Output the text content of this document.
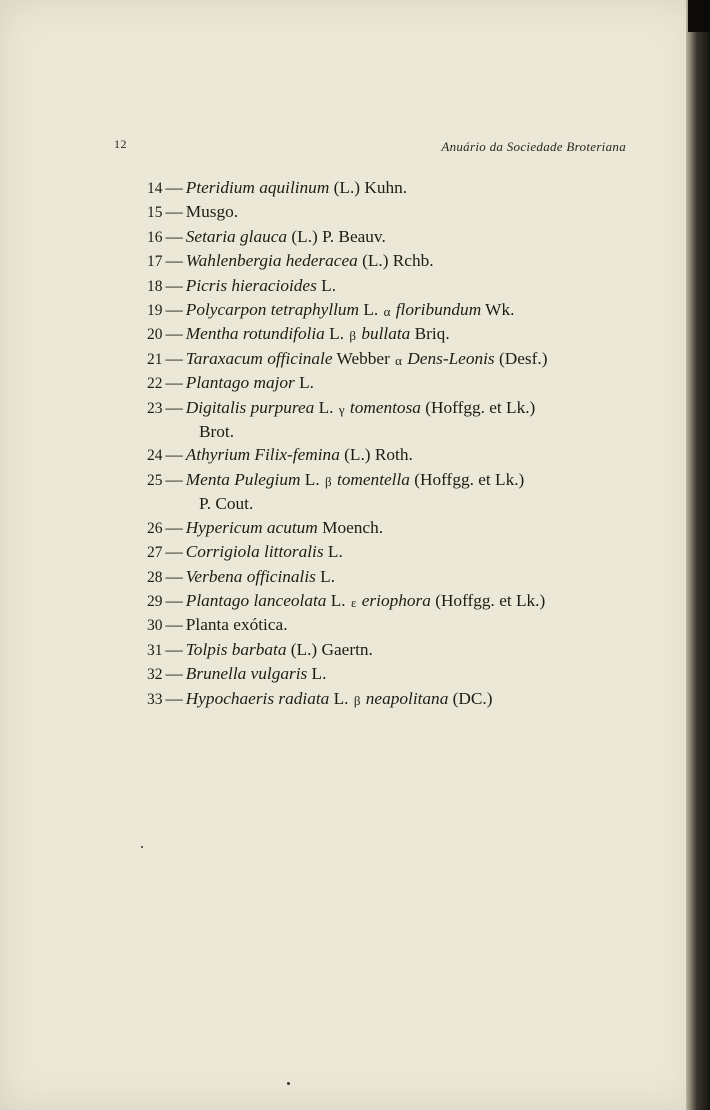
12	Anuário da Sociedade Broteriana
14 — Pteridium aquilinum (L.) Kuhn.
15 — Musgo.
16 — Setaria glauca (L.) P. Beauv.
17 — Wahlenbergia hederacea (L.) Rchb.
18 — Picris hieracioides L.
19 — Polycarpon tetraphyllum L. α floribundum Wk.
20 — Mentha rotundifolia L. β bullata Briq.
21 — Taraxacum officinale Webber α Dens-Leonis (Desf.)
22 — Plantago major L.
23 — Digitalis purpurea L. γ tomentosa (Hoffgg. et Lk.)
Brot.
24 — Athyrium Filix-femina (L.) Roth.
25 — Menta Pulegium L. β tomentella (Hoffgg. et Lk.)
P. Cout.
26 — Hypericum acutum Moench.
27 — Corrigiola littoralis L.
28 — Verbena officinalis L.
29 — Plantago lanceolata L. ε eriophora (Hoffgg. et Lk.)
30 — Planta exótica.
31 — Tolpis barbata (L.) Gaertn.
32 — Brunella vulgaris L.
33 — Hypochaeris radiata L. β neapolitana (DC.)
